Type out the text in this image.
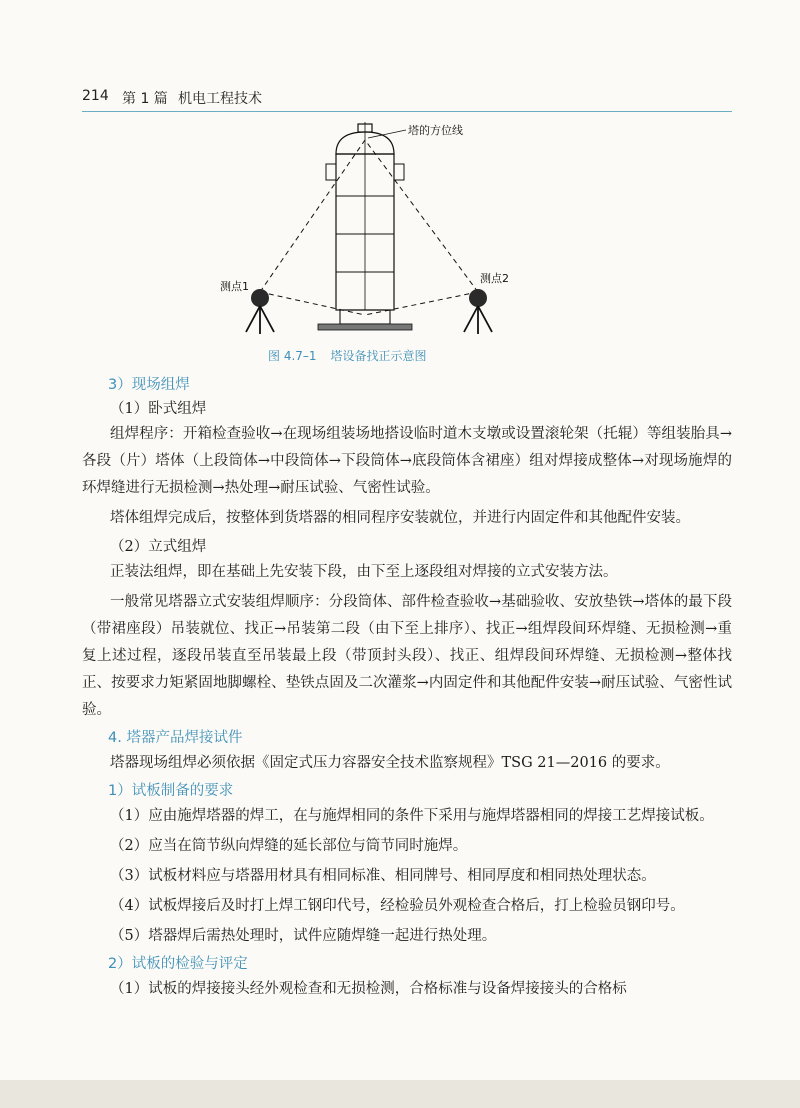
214 第 1 篇 机电工程技术
塔的方位线
测点1
测点2
图 4.7–1 塔设备找正示意图
3）现场组焊
（1）卧式组焊

组焊程序：开箱检查验收→在现场组装场地搭设临时道木支墩或设置滚轮架（托辊）等组装胎具→各段（片）塔体（上段筒体→中段筒体→下段筒体→底段筒体含裙座）组对焊接成整体→对现场施焊的环焊缝进行无损检测→热处理→耐压试验、气密性试验。

塔体组焊完成后，按整体到货塔器的相同程序安装就位，并进行内固定件和其他配件安装。

（2）立式组焊

正装法组焊，即在基础上先安装下段，由下至上逐段组对焊接的立式安装方法。

一般常见塔器立式安装组焊顺序：分段筒体、部件检查验收→基础验收、安放垫铁→塔体的最下段（带裙座段）吊装就位、找正→吊装第二段（由下至上排序）、找正→组焊段间环焊缝、无损检测→重复上述过程，逐段吊装直至吊装最上段（带顶封头段）、找正、组焊段间环焊缝、无损检测→整体找正、按要求力矩紧固地脚螺栓、垫铁点固及二次灌浆→内固定件和其他配件安装→耐压试验、气密性试验。

4. 塔器产品焊接试件

塔器现场组焊必须依据《固定式压力容器安全技术监察规程》TSG 21—2016 的要求。

1）试板制备的要求

（1）应由施焊塔器的焊工，在与施焊相同的条件下采用与施焊塔器相同的焊接工艺焊接试板。

（2）应当在筒节纵向焊缝的延长部位与筒节同时施焊。

（3）试板材料应与塔器用材具有相同标准、相同牌号、相同厚度和相同热处理状态。

（4）试板焊接后及时打上焊工钢印代号，经检验员外观检查合格后，打上检验员钢印号。

（5）塔器焊后需热处理时，试件应随焊缝一起进行热处理。

2）试板的检验与评定

（1）试板的焊接接头经外观检查和无损检测，合格标准与设备焊接接头的合格标
